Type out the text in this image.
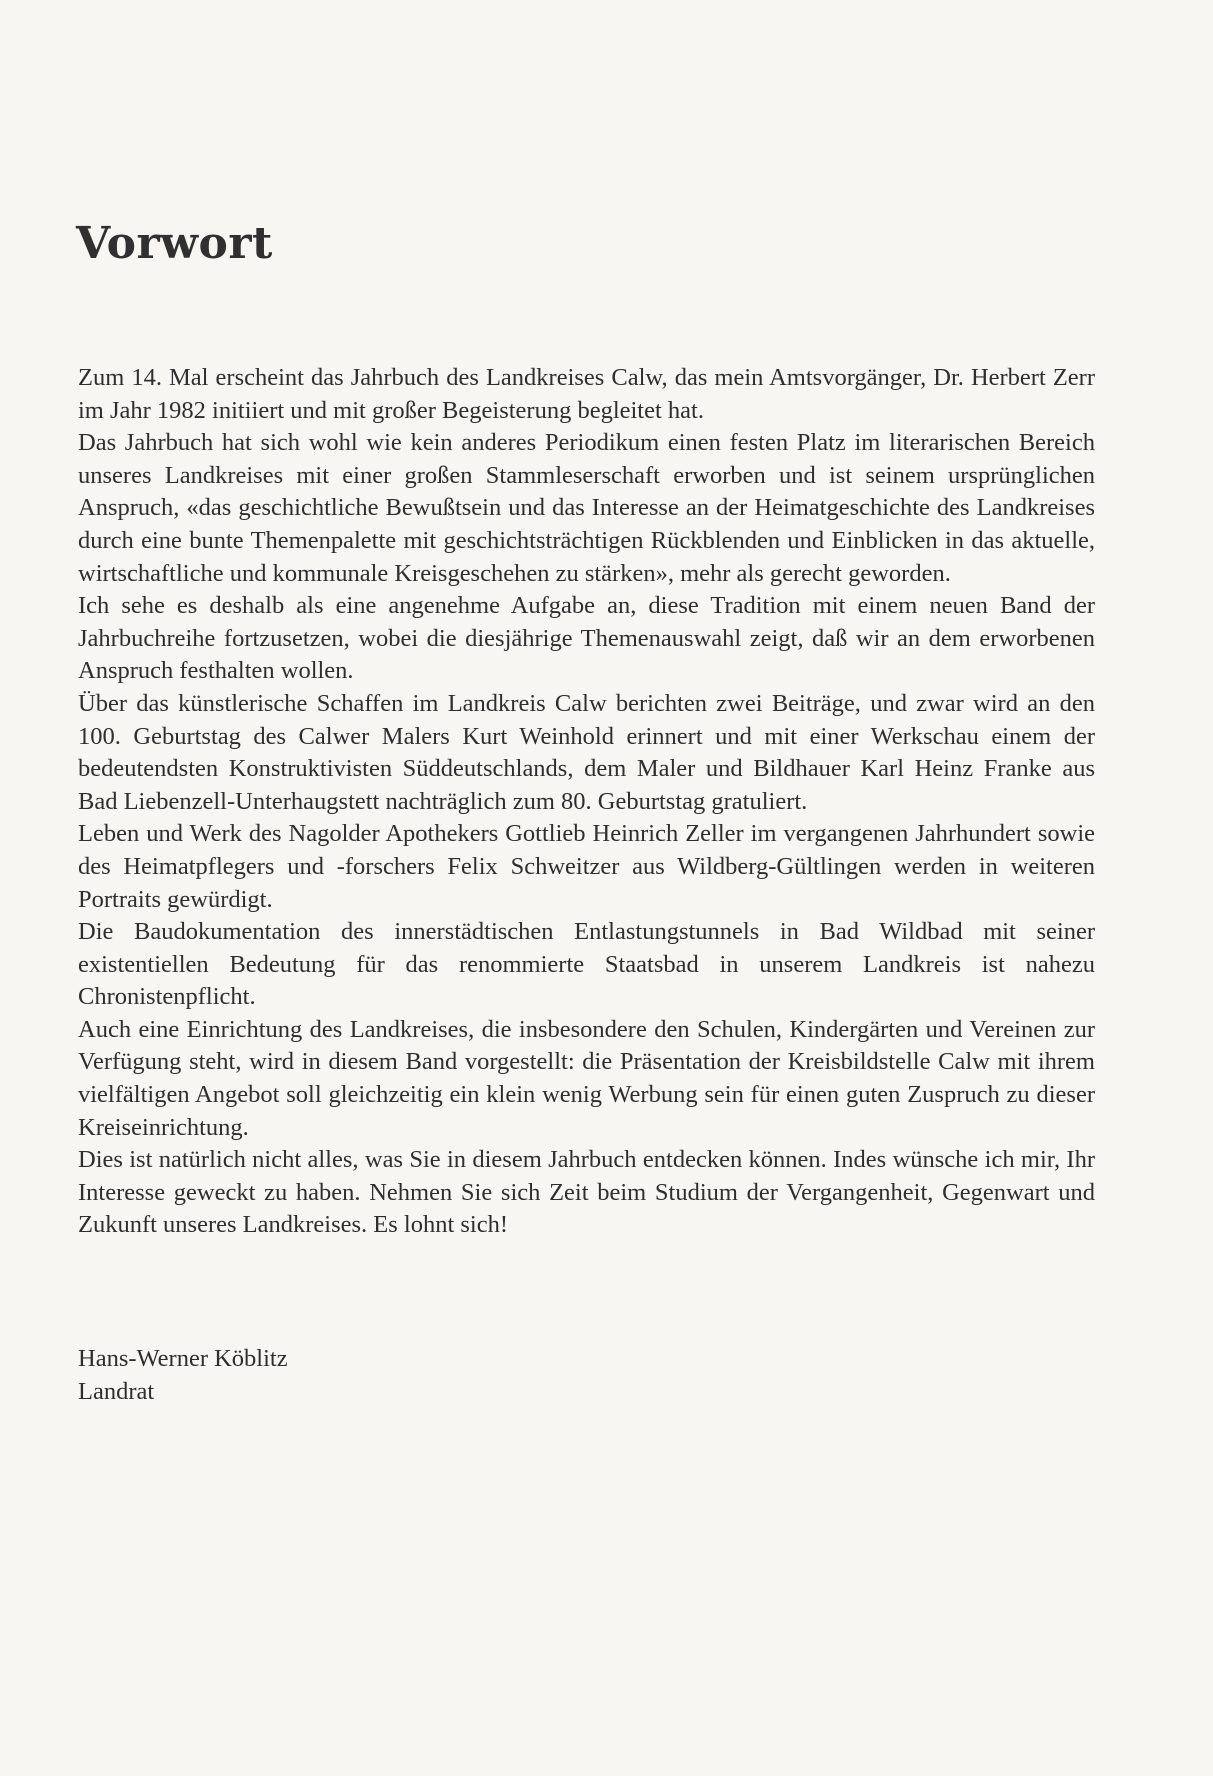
Vorwort

Zum 14. Mal erscheint das Jahrbuch des Landkreises Calw, das mein Amtsvorgänger, Dr. Herbert Zerr im Jahr 1982 initiiert und mit großer Begeisterung begleitet hat.

Das Jahrbuch hat sich wohl wie kein anderes Periodikum einen festen Platz im literarischen Bereich unseres Landkreises mit einer großen Stammleserschaft erworben und ist seinem ursprünglichen Anspruch, «das geschichtliche Bewußtsein und das Interesse an der Heimatgeschichte des Landkreises durch eine bunte Themenpalette mit geschichtsträchtigen Rückblenden und Einblicken in das aktuelle, wirtschaftliche und kommunale Kreisgeschehen zu stärken», mehr als gerecht geworden.

Ich sehe es deshalb als eine angenehme Aufgabe an, diese Tradition mit einem neuen Band der Jahrbuchreihe fortzusetzen, wobei die diesjährige Themenauswahl zeigt, daß wir an dem erworbenen Anspruch festhalten wollen.

Über das künstlerische Schaffen im Landkreis Calw berichten zwei Beiträge, und zwar wird an den 100. Geburtstag des Calwer Malers Kurt Weinhold erinnert und mit einer Werkschau einem der bedeutendsten Konstruktivisten Süddeutschlands, dem Maler und Bildhauer Karl Heinz Franke aus Bad Liebenzell-Unterhaugstett nachträglich zum 80. Geburtstag gratuliert.

Leben und Werk des Nagolder Apothekers Gottlieb Heinrich Zeller im vergangenen Jahrhundert sowie des Heimatpflegers und -forschers Felix Schweitzer aus Wildberg-Gültlingen werden in weiteren Portraits gewürdigt.

Die Baudokumentation des innerstädtischen Entlastungstunnels in Bad Wildbad mit seiner existentiellen Bedeutung für das renommierte Staatsbad in unserem Landkreis ist nahezu Chronistenpflicht.

Auch eine Einrichtung des Landkreises, die insbesondere den Schulen, Kindergärten und Vereinen zur Verfügung steht, wird in diesem Band vorgestellt: die Präsentation der Kreisbildstelle Calw mit ihrem vielfältigen Angebot soll gleichzeitig ein klein wenig Werbung sein für einen guten Zuspruch zu dieser Kreiseinrichtung.

Dies ist natürlich nicht alles, was Sie in diesem Jahrbuch entdecken können. Indes wünsche ich mir, Ihr Interesse geweckt zu haben. Nehmen Sie sich Zeit beim Studium der Vergangenheit, Gegenwart und Zukunft unseres Landkreises. Es lohnt sich!

Hans-Werner Köblitz
Landrat
